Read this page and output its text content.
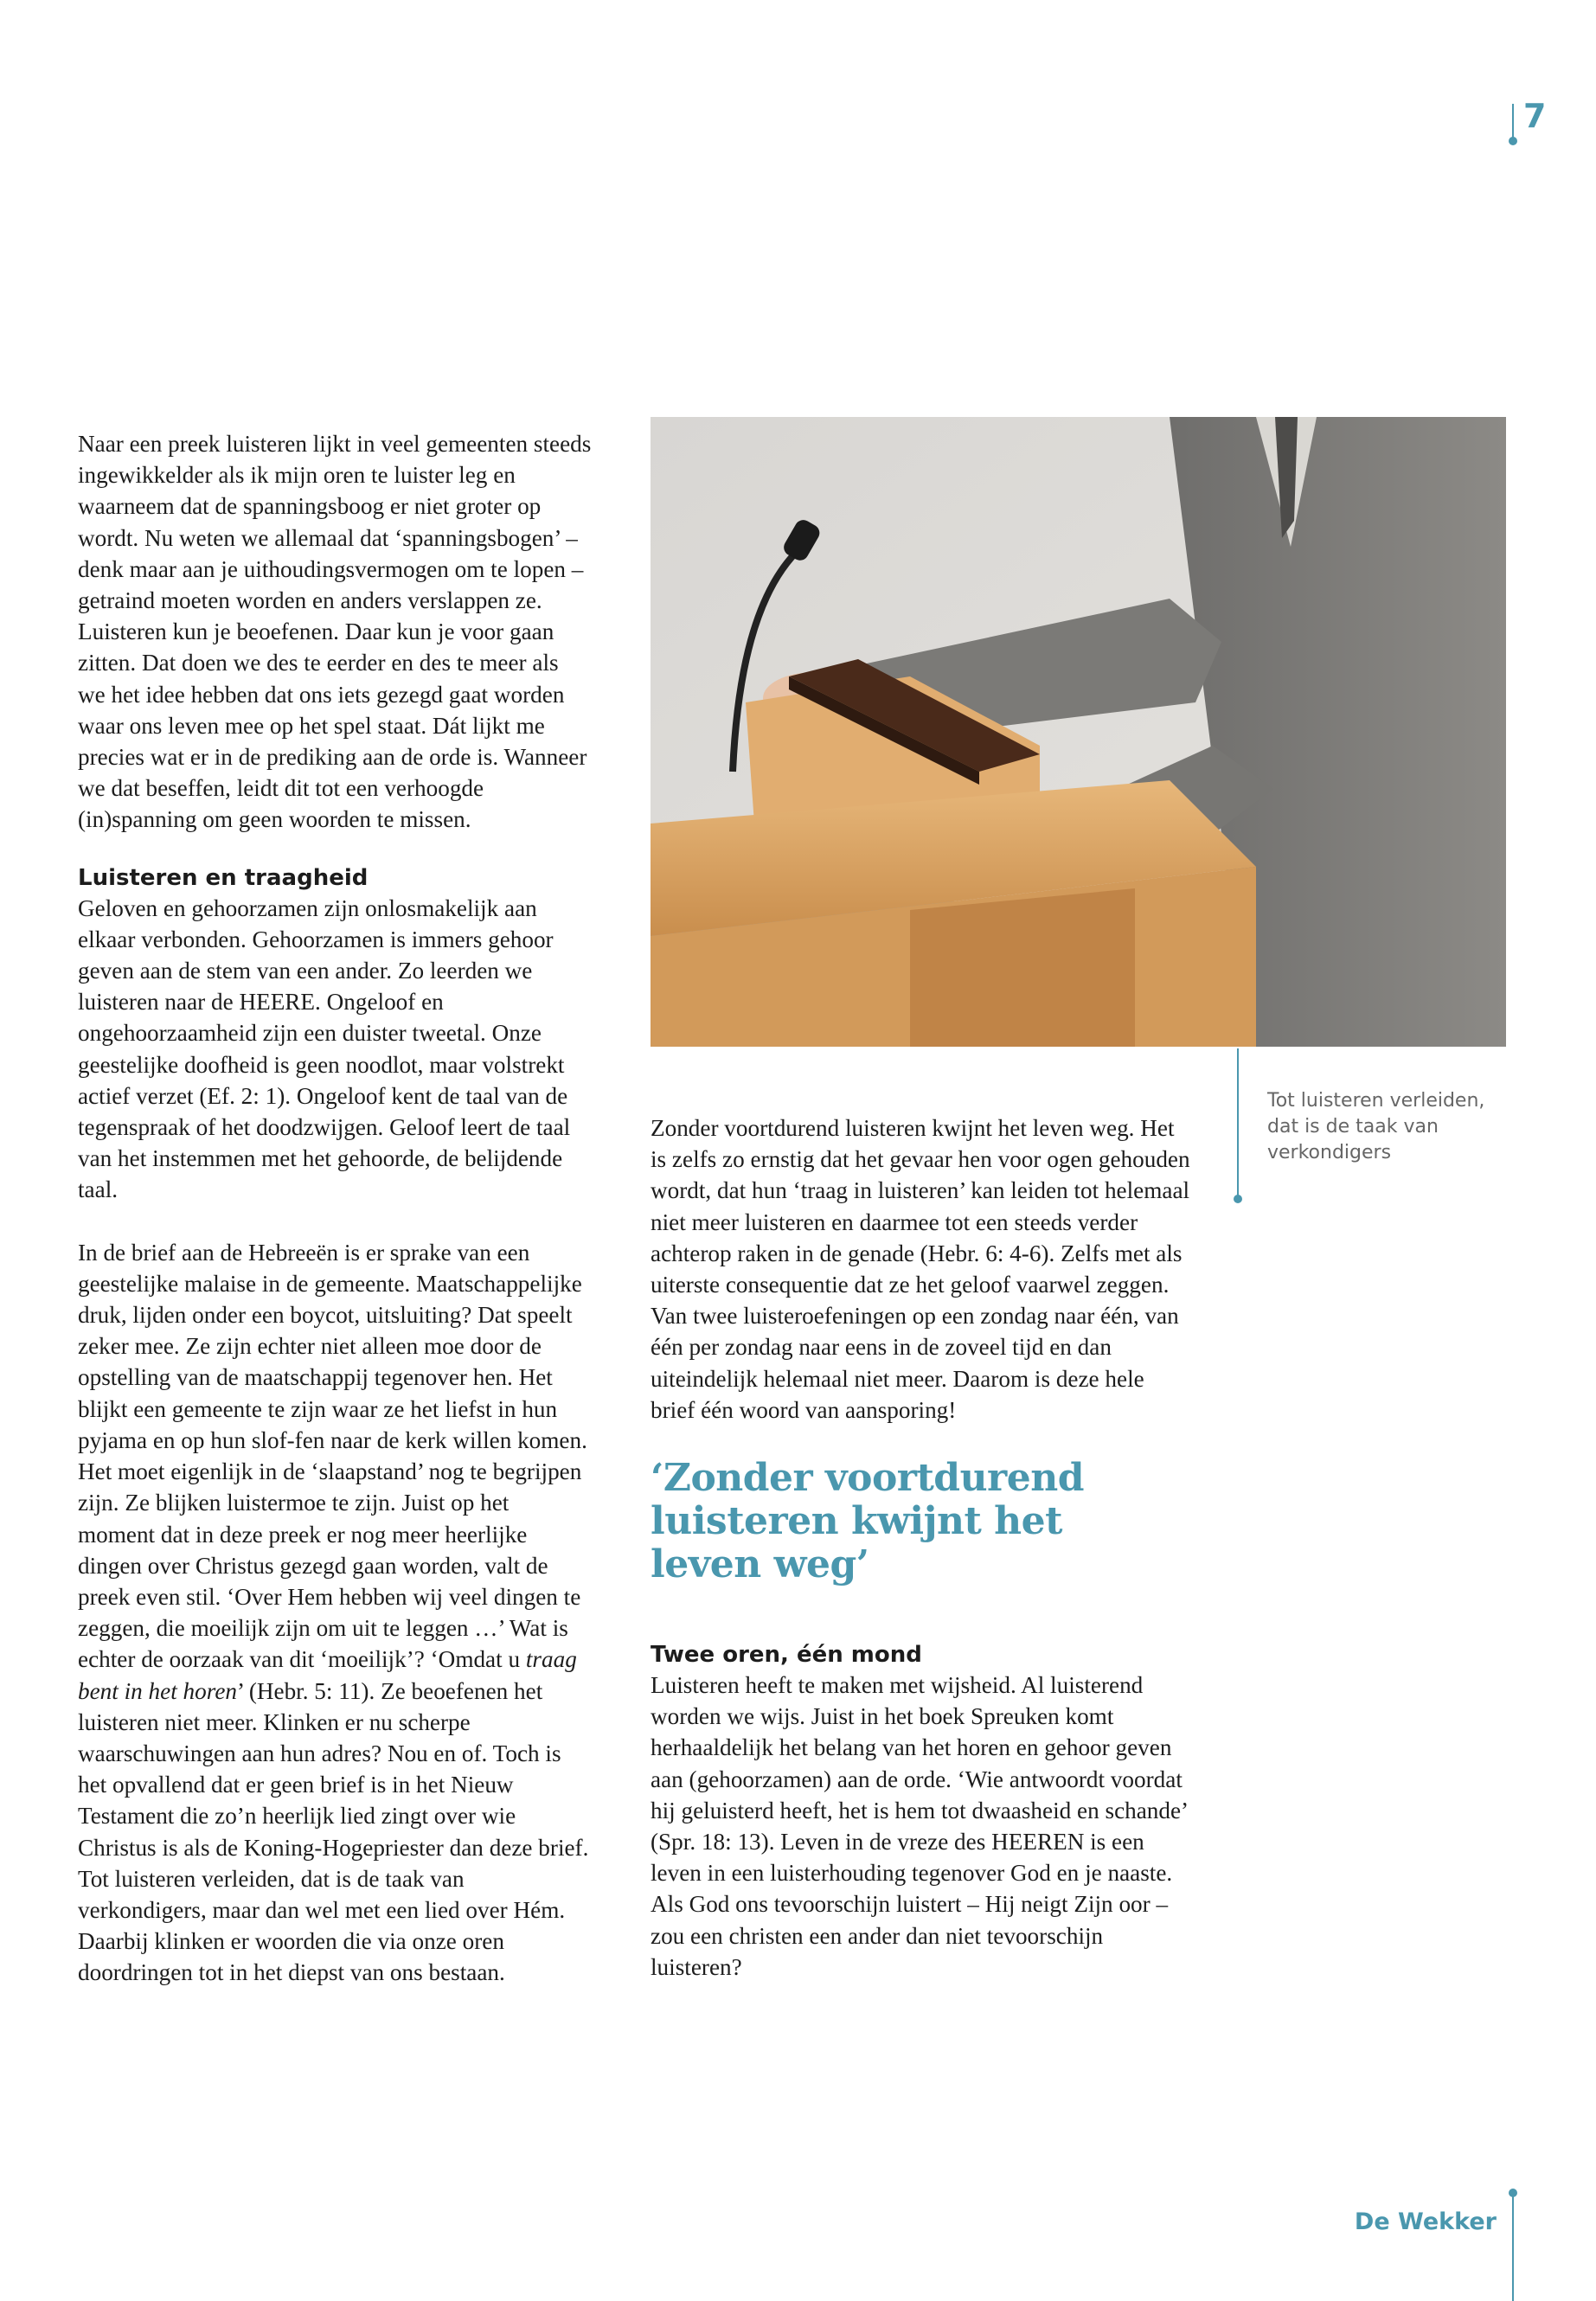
7

Naar een preek luisteren lijkt in veel gemeenten steeds ingewikkelder als ik mijn oren te luister leg en waarneem dat de spanningsboog er niet groter op wordt. Nu weten we allemaal dat ‘spanningsbogen’ – denk maar aan je uithoudingsvermogen om te lopen – getraind moeten worden en anders verslappen ze. Luisteren kun je beoefenen. Daar kun je voor gaan zitten. Dat doen we des te eerder en des te meer als we het idee hebben dat ons iets gezegd gaat worden waar ons leven mee op het spel staat. Dát lijkt me precies wat er in de prediking aan de orde is. Wanneer we dat beseffen, leidt dit tot een verhoogde (in)spanning om geen woorden te missen.

Luisteren en traagheid

Geloven en gehoorzamen zijn onlosmakelijk aan elkaar verbonden. Gehoorzamen is immers gehoor geven aan de stem van een ander. Zo leerden we luisteren naar de HEERE. Ongeloof en ongehoorzaamheid zijn een duister tweetal. Onze geestelijke doofheid is geen noodlot, maar volstrekt actief verzet (Ef. 2: 1). Ongeloof kent de taal van de tegenspraak of het doodzwijgen. Geloof leert de taal van het instemmen met het gehoorde, de belijdende taal.

In de brief aan de Hebreeën is er sprake van een geestelijke malaise in de gemeente. Maatschappelijke druk, lijden onder een boycot, uitsluiting? Dat speelt zeker mee. Ze zijn echter niet alleen moe door de opstelling van de maatschappij tegenover hen. Het blijkt een gemeente te zijn waar ze het liefst in hun pyjama en op hun slof-fen naar de kerk willen komen. Het moet eigenlijk in de ‘slaapstand’ nog te begrijpen zijn. Ze blijken luistermoe te zijn. Juist op het moment dat in deze preek er nog meer heerlijke dingen over Christus gezegd gaan worden, valt de preek even stil. ‘Over Hem hebben wij veel dingen te zeggen, die moeilijk zijn om uit te leggen …’ Wat is echter de oorzaak van dit ‘moeilijk’? ‘Omdat u traag bent in het horen’ (Hebr. 5: 11). Ze beoefenen het luisteren niet meer. Klinken er nu scherpe waarschuwingen aan hun adres? Nou en of. Toch is het opvallend dat er geen brief is in het Nieuw Testament die zo’n heerlijk lied zingt over wie Christus is als de Koning-Hogepriester dan deze brief. Tot luisteren verleiden, dat is de taak van verkondigers, maar dan wel met een lied over Hém. Daarbij klinken er woorden die via onze oren doordringen tot in het diepst van ons bestaan.

Zonder voortdurend luisteren kwijnt het leven weg. Het is zelfs zo ernstig dat het gevaar hen voor ogen gehouden wordt, dat hun ‘traag in luisteren’ kan leiden tot helemaal niet meer luisteren en daarmee tot een steeds verder achterop raken in de genade (Hebr. 6: 4-6). Zelfs met als uiterste consequentie dat ze het geloof vaarwel zeggen. Van twee luisteroefeningen op een zondag naar één, van één per zondag naar eens in de zoveel tijd en dan uiteindelijk helemaal niet meer. Daarom is deze hele brief één woord van aansporing!

‘Zonder voortdurend luisteren kwijnt het leven weg’

Twee oren, één mond

Luisteren heeft te maken met wijsheid. Al luisterend worden we wijs. Juist in het boek Spreuken komt herhaaldelijk het belang van het horen en gehoor geven aan (gehoorzamen) aan de orde. ‘Wie antwoordt voordat hij geluisterd heeft, het is hem tot dwaasheid en schande’ (Spr. 18: 13). Leven in de vreze des HEEREN is een leven in een luisterhouding tegenover God en je naaste. Als God ons tevoorschijn luistert – Hij neigt Zijn oor – zou een christen een ander dan niet tevoorschijn luisteren?

Tot luisteren verleiden, dat is de taak van verkondigers

De Wekker
